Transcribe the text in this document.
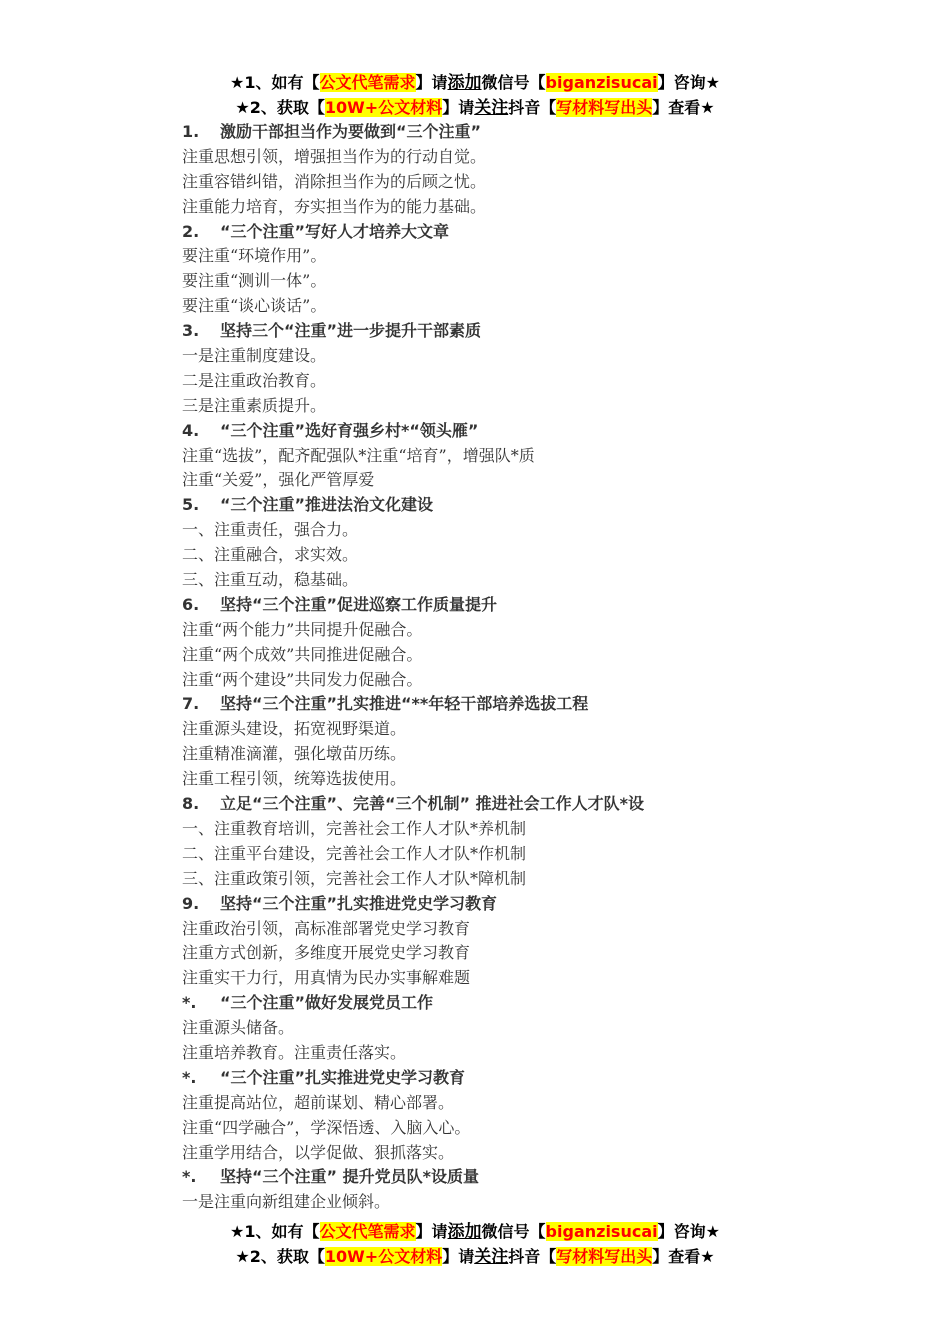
★1、如有【公文代笔需求】请添加微信号【biganzisucai】咨询★
★2、获取【10W+公文材料】请关注抖音【写材料写出头】查看★
1. 激励干部担当作为要做到“三个注重”
注重思想引领，增强担当作为的行动自觉。
注重容错纠错，消除担当作为的后顾之忧。
注重能力培育，夯实担当作为的能力基础。
2. “三个注重”写好人才培养大文章
要注重“环境作用”。
要注重“测训一体”。
要注重“谈心谈话”。
3. 坚持三个“注重”进一步提升干部素质
一是注重制度建设。
二是注重政治教育。
三是注重素质提升。
4. “三个注重”选好育强乡村*“领头雁”
注重“选拔”，配齐配强队*注重“培育”，增强队*质
注重“关爱”，强化严管厚爱
5. “三个注重”推进法治文化建设
一、注重责任，强合力。
二、注重融合，求实效。
三、注重互动，稳基础。
6. 坚持“三个注重”促进巡察工作质量提升
注重“两个能力”共同提升促融合。
注重“两个成效”共同推进促融合。
注重“两个建设”共同发力促融合。
7. 坚持“三个注重”扎实推进“**年轻干部培养选拔工程
注重源头建设，拓宽视野渠道。
注重精准滴灌，强化墩苗历练。
注重工程引领，统筹选拔使用。
8. 立足“三个注重”、完善“三个机制” 推进社会工作人才队*设
一、注重教育培训，完善社会工作人才队*养机制
二、注重平台建设，完善社会工作人才队*作机制
三、注重政策引领，完善社会工作人才队*障机制
9. 坚持“三个注重”扎实推进党史学习教育
注重政治引领，高标准部署党史学习教育
注重方式创新，多维度开展党史学习教育
注重实干力行，用真情为民办实事解难题
*. “三个注重”做好发展党员工作
注重源头储备。
注重培养教育。注重责任落实。
*. “三个注重”扎实推进党史学习教育
注重提高站位，超前谋划、精心部署。
注重“四学融合”，学深悟透、入脑入心。
注重学用结合，以学促做、狠抓落实。
*. 坚持“三个注重” 提升党员队*设质量
一是注重向新组建企业倾斜。
★1、如有【公文代笔需求】请添加微信号【biganzisucai】咨询★
★2、获取【10W+公文材料】请关注抖音【写材料写出头】查看★
